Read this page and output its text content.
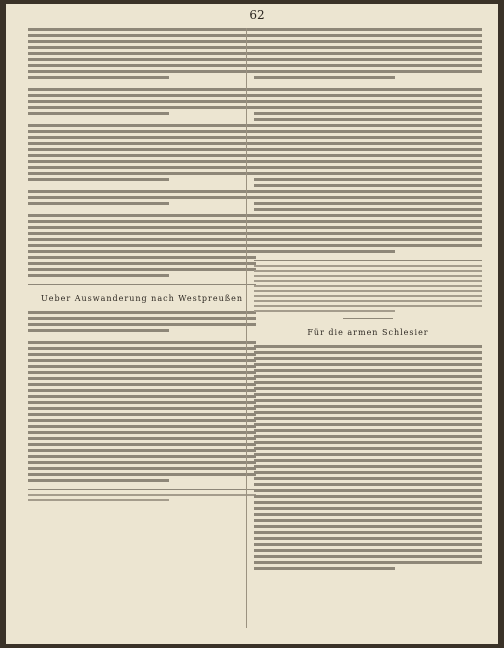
62
Ueber Auswanderung nach Westpreußen
Für die armen Schlesier
